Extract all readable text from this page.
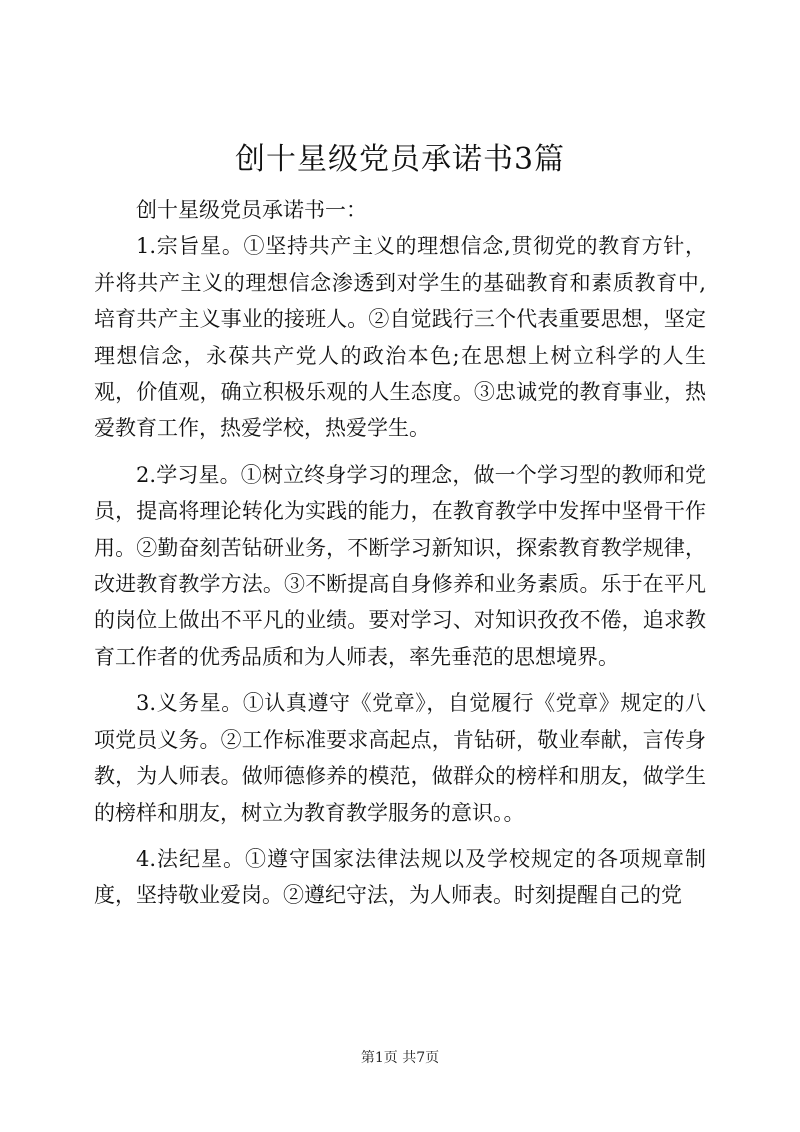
创十星级党员承诺书3篇

创十星级党员承诺书一：

1.宗旨星。①坚持共产主义的理想信念,贯彻党的教育方针，并将共产主义的理想信念渗透到对学生的基础教育和素质教育中,培育共产主义事业的接班人。②自觉践行三个代表重要思想，坚定理想信念，永葆共产党人的政治本色;在思想上树立科学的人生观，价值观，确立积极乐观的人生态度。③忠诚党的教育事业，热爱教育工作，热爱学校，热爱学生。

2.学习星。①树立终身学习的理念，做一个学习型的教师和党员，提高将理论转化为实践的能力，在教育教学中发挥中坚骨干作用。②勤奋刻苦钻研业务，不断学习新知识，探索教育教学规律，改进教育教学方法。③不断提高自身修养和业务素质。乐于在平凡的岗位上做出不平凡的业绩。要对学习、对知识孜孜不倦，追求教育工作者的优秀品质和为人师表，率先垂范的思想境界。

3.义务星。①认真遵守《党章》，自觉履行《党章》规定的八项党员义务。②工作标准要求高起点，肯钻研，敬业奉献，言传身教，为人师表。做师德修养的模范，做群众的榜样和朋友，做学生的榜样和朋友，树立为教育教学服务的意识。。

4.法纪星。①遵守国家法律法规以及学校规定的各项规章制度，坚持敬业爱岗。②遵纪守法，为人师表。时刻提醒自己的党

第1页 共7页
